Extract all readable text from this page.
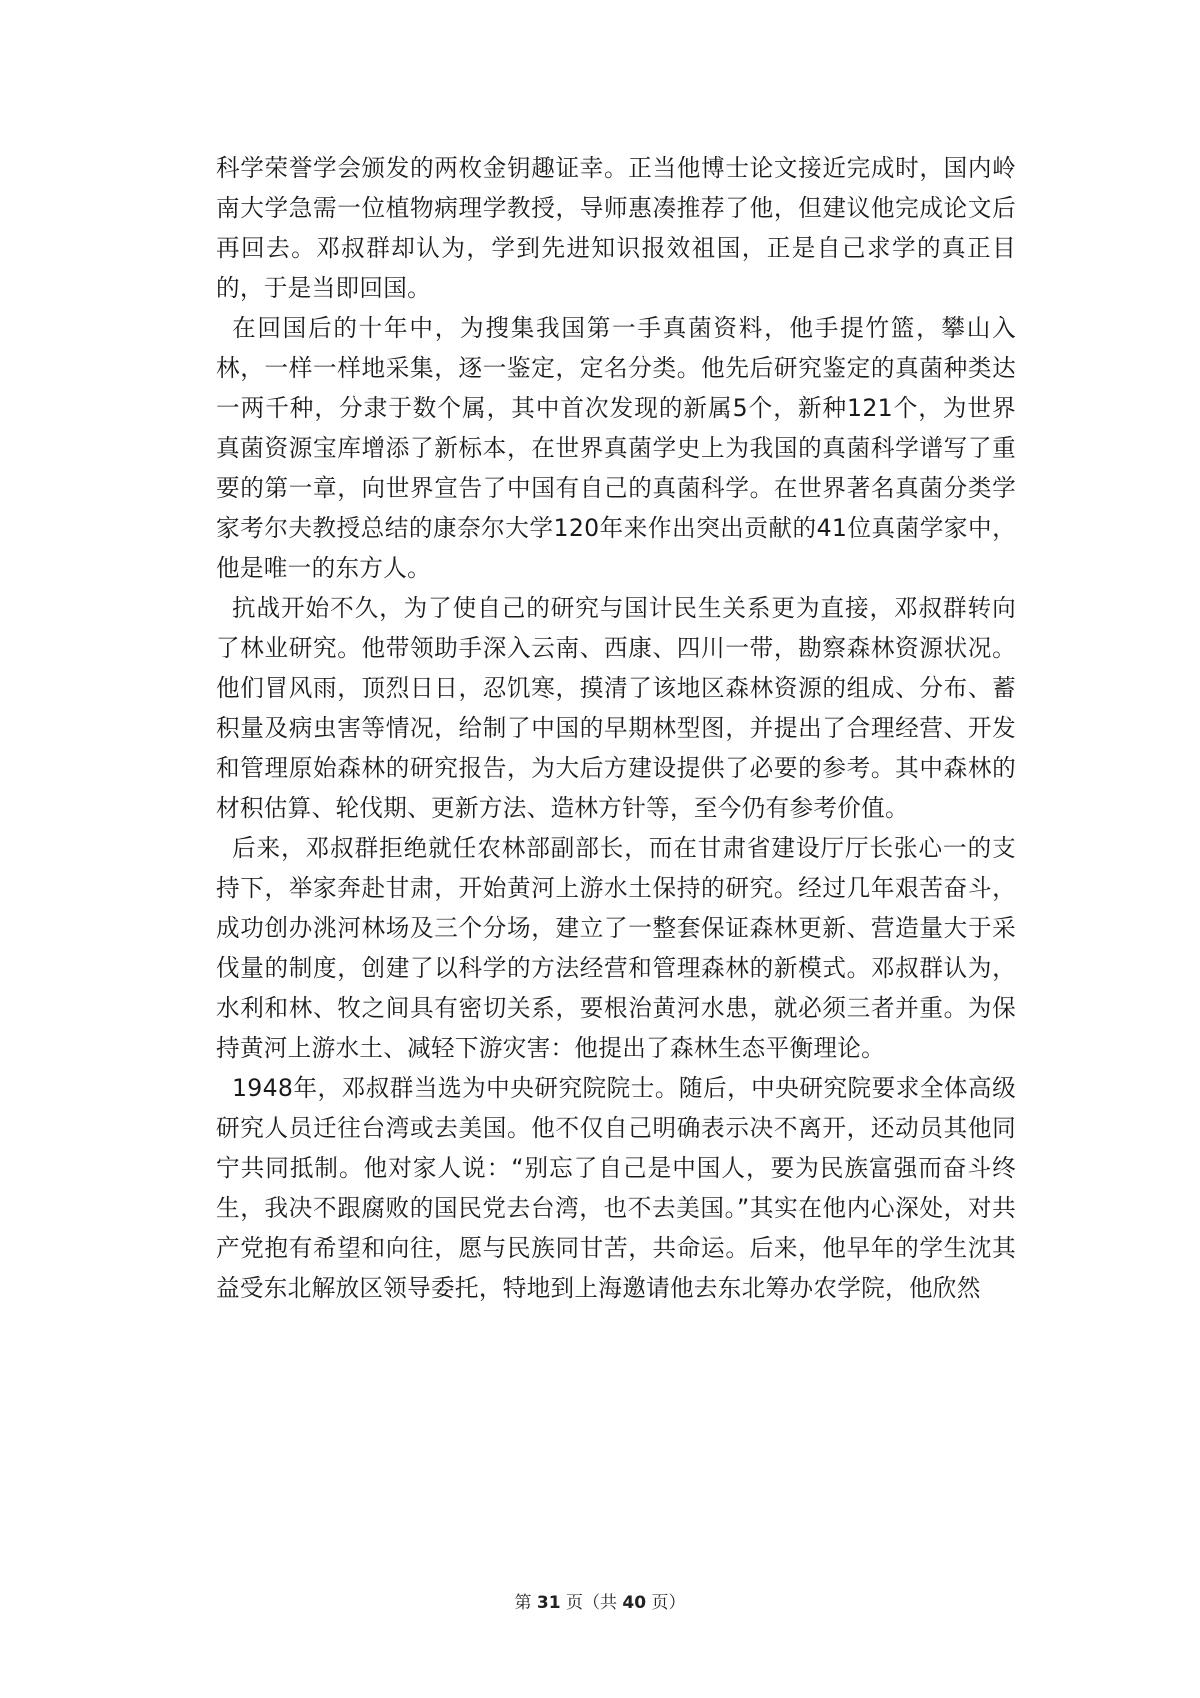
科学荣誉学会颁发的两枚金钥趣证幸。正当他博士论文接近完成时，国内岭南大学急需一位植物病理学教授，导师惠凑推荐了他，但建议他完成论文后再回去。邓叔群却认为，学到先进知识报效祖国，正是自己求学的真正目的，于是当即回国。

在回国后的十年中，为搜集我国第一手真菌资料，他手提竹篮，攀山入林，一样一样地采集，逐一鉴定，定名分类。他先后研究鉴定的真菌种类达一两千种，分隶于数个属，其中首次发现的新属5个，新种121个，为世界真菌资源宝库增添了新标本，在世界真菌学史上为我国的真菌科学谱写了重要的第一章，向世界宣告了中国有自己的真菌科学。在世界著名真菌分类学家考尔夫教授总结的康奈尔大学120年来作出突出贡献的41位真菌学家中，他是唯一的东方人。

抗战开始不久，为了使自己的研究与国计民生关系更为直接，邓叔群转向了林业研究。他带领助手深入云南、西康、四川一带，勘察森林资源状况。他们冒风雨，顶烈日日，忍饥寒，摸清了该地区森林资源的组成、分布、蓄积量及病虫害等情况，给制了中国的早期林型图，并提出了合理经营、开发和管理原始森林的研究报告，为大后方建设提供了必要的参考。其中森林的材积估算、轮伐期、更新方法、造林方针等，至今仍有参考价值。

后来，邓叔群拒绝就任农林部副部长，而在甘肃省建设厅厅长张心一的支持下，举家奔赴甘肃，开始黄河上游水土保持的研究。经过几年艰苦奋斗，成功创办洮河林场及三个分场，建立了一整套保证森林更新、营造量大于采伐量的制度，创建了以科学的方法经营和管理森林的新模式。邓叔群认为，水利和林、牧之间具有密切关系，要根治黄河水患，就必须三者并重。为保持黄河上游水土、减轻下游灾害：他提出了森林生态平衡理论。

1948年，邓叔群当选为中央研究院院士。随后，中央研究院要求全体高级研究人员迁往台湾或去美国。他不仅自己明确表示决不离开，还动员其他同宁共同抵制。他对家人说：“别忘了自己是中国人，要为民族富强而奋斗终生，我决不跟腐败的国民党去台湾，也不去美国。”其实在他内心深处，对共产党抱有希望和向往，愿与民族同甘苦，共命运。后来，他早年的学生沈其益受东北解放区领导委托，特地到上海邀请他去东北筹办农学院，他欣然

第 31 页（共 40 页）
